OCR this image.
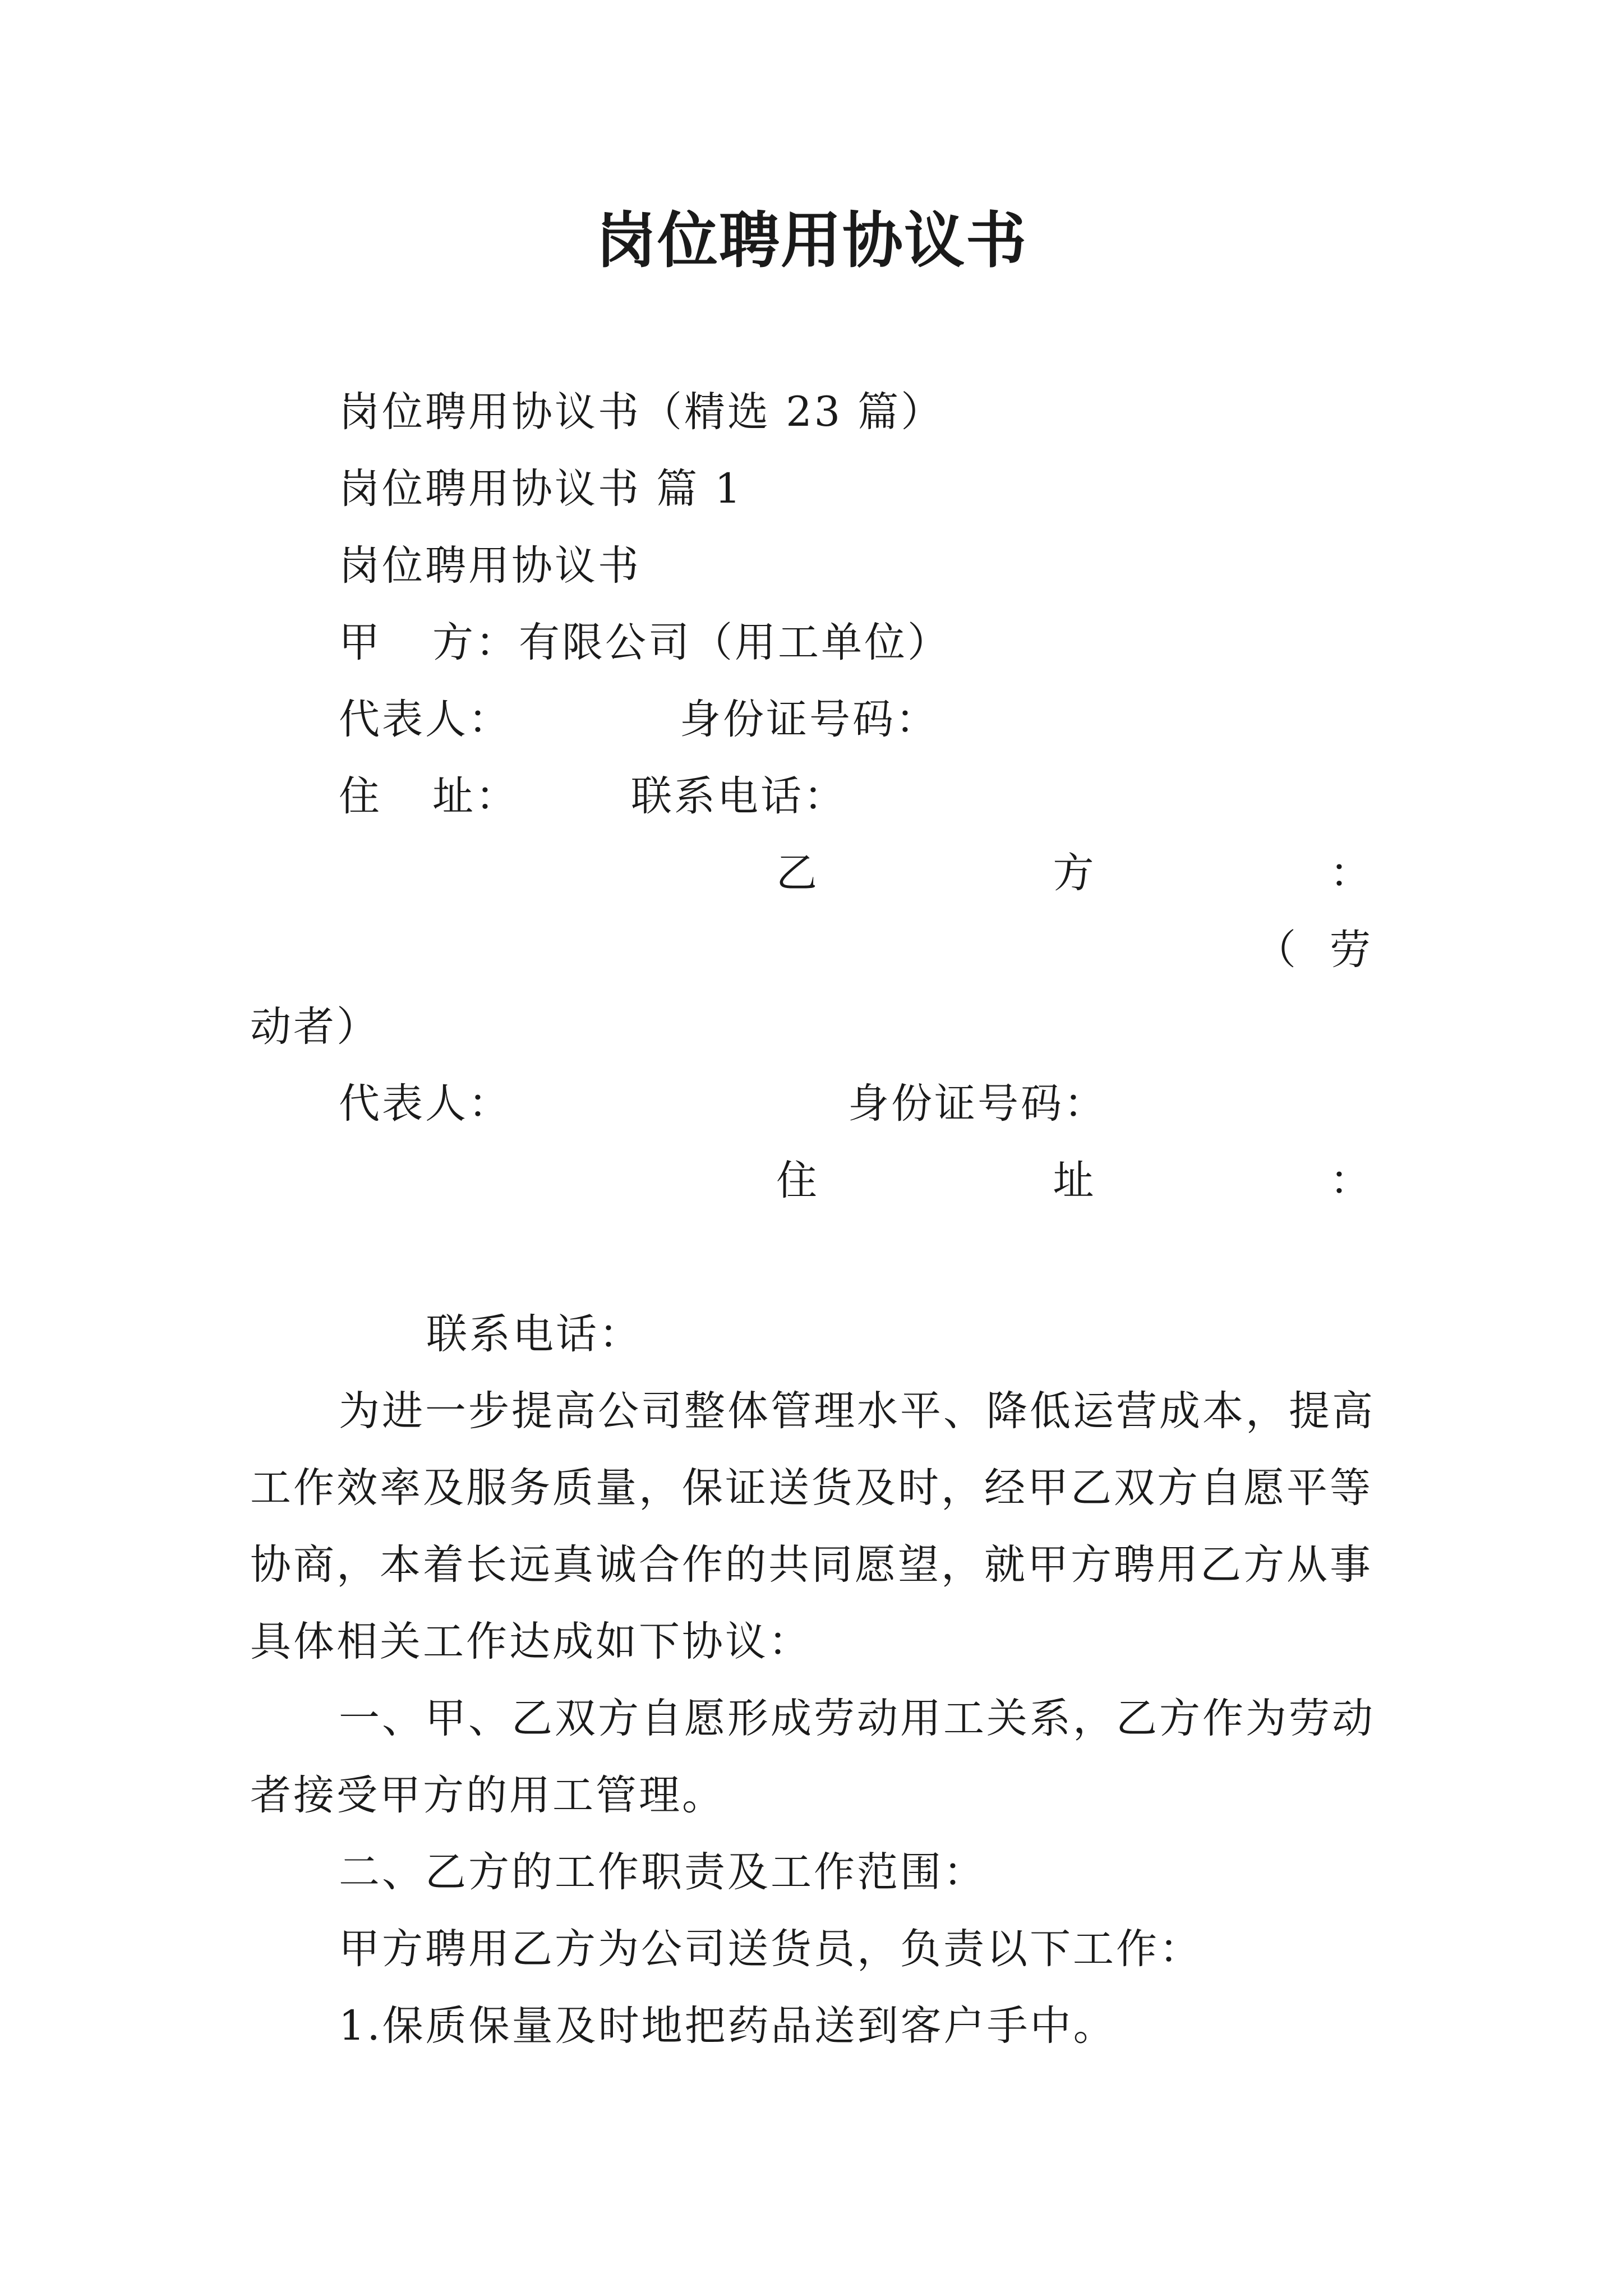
岗位聘用协议书
岗位聘用协议书（精选 23 篇）
岗位聘用协议书 篇 1
岗位聘用协议书
甲 方：有限公司（用工单位）
代表人：	身份证号码：
住 址：	联系电话：
乙	方	：
（ 劳
动者）
代表人：	身份证号码：
住	址	：
联系电话：
为进一步提高公司整体管理水平、降低运营成本，提高
工作效率及服务质量，保证送货及时，经甲乙双方自愿平等
协商，本着长远真诚合作的共同愿望，就甲方聘用乙方从事
具体相关工作达成如下协议：
一、甲、乙双方自愿形成劳动用工关系，乙方作为劳动
者接受甲方的用工管理。
二、乙方的工作职责及工作范围：
甲方聘用乙方为公司送货员，负责以下工作：
1.保质保量及时地把药品送到客户手中。
